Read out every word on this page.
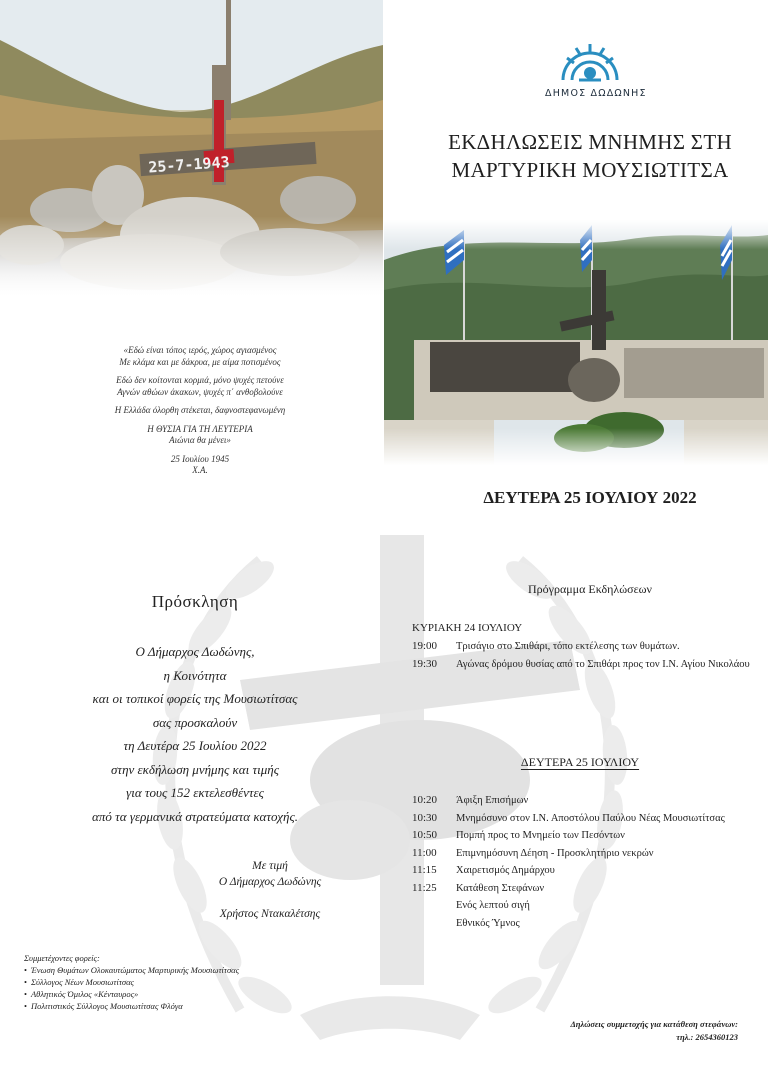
ΔΗΜΟΣ ΔΩΔΩΝΗΣ
ΕΚΔΗΛΩΣΕΙΣ ΜΝΗΜΗΣ ΣΤΗ
ΜΑΡΤΥΡΙΚΗ ΜΟΥΣΙΩΤΙΤΣΑ

«Εδώ είναι τόπος ιερός, χώρος αγιασμένος
Με κλάμα και με δάκρυα, με αίμα ποτισμένος

Εδώ δεν κοίτονται κορμιά, μόνο ψυχές πετούνε
Αγνών αθώων άκακων, ψυχές π΄ ανθοβολούνε

Η Ελλάδα όλορθη στέκεται, δαφνοστεφανωμένη

Η ΘΥΣΙΑ ΓΙΑ ΤΗ ΛΕΥΤΕΡΙΑ
Αιώνια θα μένει»

25 Ιουλίου 1945
Χ.Α.

ΔΕΥΤΕΡΑ 25 ΙΟΥΛΙΟΥ 2022
Πρόσκληση
Ο Δήμαρχος Δωδώνης,
η Κοινότητα
και οι τοπικοί φορείς της Μουσιωτίτσας
σας προσκαλούν
τη Δευτέρα 25 Ιουλίου 2022
στην εκδήλωση μνήμης και τιμής
για τους 152 εκτελεσθέντες
από τα γερμανικά στρατεύματα κατοχής.
Με τιμή
Ο Δήμαρχος Δωδώνης
Χρήστος Ντακαλέτσης
Συμμετέχοντες φορείς:
• Ένωση Θυμάτων Ολοκαυτώματος Μαρτυρικής Μουσιωτίτσας
• Σύλλογος Νέων Μουσιωτίτσας
• Αθλητικός Όμιλος «Κένταυρος»
• Πολιτιστικός Σύλλογος Μουσιωτίτσας Φλόγα
Πρόγραμμα Εκδηλώσεων
ΚΥΡΙΑΚΗ 24 ΙΟΥΛΙΟΥ
19:00	Τρισάγιο στο Σπιθάρι, τόπο εκτέλεσης των θυμάτων.
19:30	Αγώνας δρόμου θυσίας από το Σπιθάρι προς τον Ι.Ν. Αγίου Νικολάου
ΔΕΥΤΕΡΑ 25 ΙΟΥΛΙΟΥ
10:20	Άφιξη Επισήμων
10:30	Μνημόσυνο στον Ι.Ν. Αποστόλου Παύλου Νέας Μουσιωτίτσας
10:50	Πομπή προς το Μνημείο των Πεσόντων
11:00	Επιμνημόσυνη Δέηση - Προσκλητήριο νεκρών
11:15	Χαιρετισμός Δημάρχου
11:25	Κατάθεση Στεφάνων
Ενός λεπτού σιγή
Εθνικός Ύμνος
Δηλώσεις συμμετοχής για κατάθεση στεφάνων:
τηλ.: 2654360123
